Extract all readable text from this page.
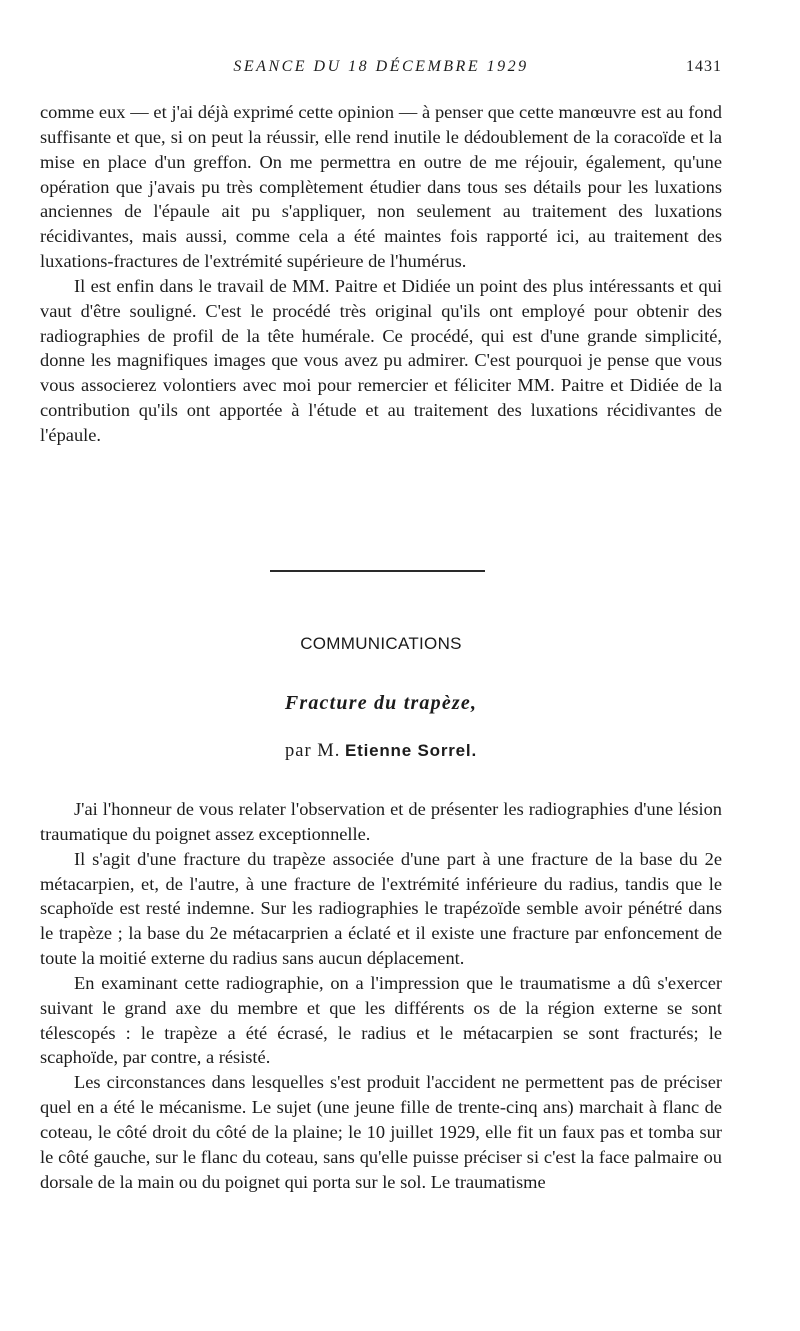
SEANCE DU 18 DÉCEMBRE 1929	1431

comme eux — et j'ai déjà exprimé cette opinion — à penser que cette manœuvre est au fond suffisante et que, si on peut la réussir, elle rend inutile le dédoublement de la coracoïde et la mise en place d'un greffon. On me permettra en outre de me réjouir, également, qu'une opération que j'avais pu très complètement étudier dans tous ses détails pour les luxations anciennes de l'épaule ait pu s'appliquer, non seulement au traitement des luxations récidivantes, mais aussi, comme cela a été maintes fois rapporté ici, au traitement des luxations-fractures de l'extrémité supérieure de l'humérus.

Il est enfin dans le travail de MM. Paitre et Didiée un point des plus intéressants et qui vaut d'être souligné. C'est le procédé très original qu'ils ont employé pour obtenir des radiographies de profil de la tête humérale. Ce procédé, qui est d'une grande simplicité, donne les magnifiques images que vous avez pu admirer. C'est pourquoi je pense que vous vous associerez volontiers avec moi pour remercier et féliciter MM. Paitre et Didiée de la contribution qu'ils ont apportée à l'étude et au traitement des luxations récidivantes de l'épaule.

COMMUNICATIONS
Fracture du trapèze,
par M. Etienne Sorrel.

J'ai l'honneur de vous relater l'observation et de présenter les radiographies d'une lésion traumatique du poignet assez exceptionnelle.

Il s'agit d'une fracture du trapèze associée d'une part à une fracture de la base du 2e métacarpien, et, de l'autre, à une fracture de l'extrémité inférieure du radius, tandis que le scaphoïde est resté indemne. Sur les radiographies le trapézoïde semble avoir pénétré dans le trapèze ; la base du 2e métacarprien a éclaté et il existe une fracture par enfoncement de toute la moitié externe du radius sans aucun déplacement.

En examinant cette radiographie, on a l'impression que le traumatisme a dû s'exercer suivant le grand axe du membre et que les différents os de la région externe se sont télescopés : le trapèze a été écrasé, le radius et le métacarpien se sont fracturés; le scaphoïde, par contre, a résisté.

Les circonstances dans lesquelles s'est produit l'accident ne permettent pas de préciser quel en a été le mécanisme. Le sujet (une jeune fille de trente-cinq ans) marchait à flanc de coteau, le côté droit du côté de la plaine; le 10 juillet 1929, elle fit un faux pas et tomba sur le côté gauche, sur le flanc du coteau, sans qu'elle puisse préciser si c'est la face palmaire ou dorsale de la main ou du poignet qui porta sur le sol. Le traumatisme
